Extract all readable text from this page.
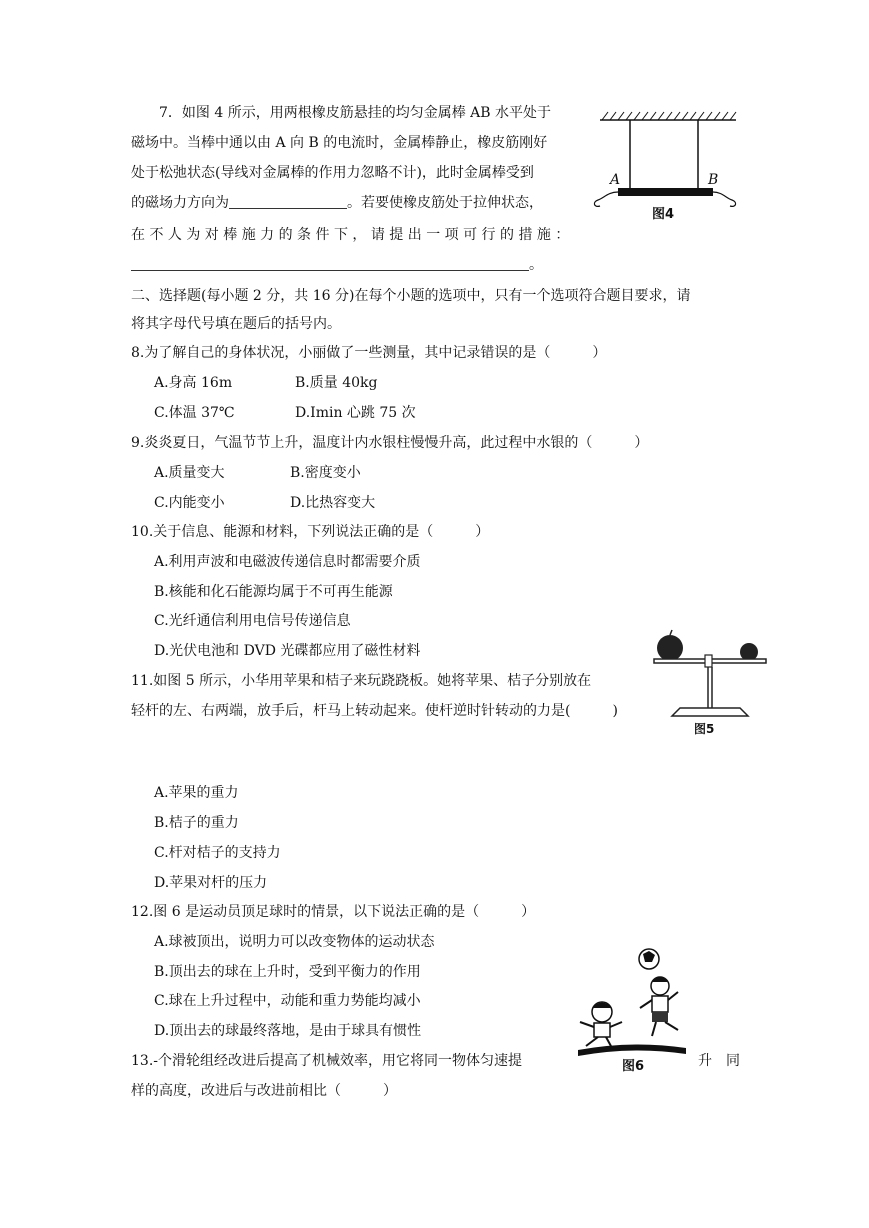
7．如图 4 所示，用两根橡皮筋悬挂的均匀金属棒 AB 水平处于
磁场中。当棒中通以由 A 向 B 的电流时，金属棒静止，橡皮筋刚好
处于松弛状态(导线对金属棒的作用力忽略不计)，此时金属棒受到
的磁场力方向为	。若要使橡皮筋处于拉伸状态，
在 不 人 为 对 棒 施 力 的 条 件 下 ， 请 提 出 一 项 可 行 的 措 施 ：
。
A	B
图4
二、选择题(每小题 2 分，共 16 分)在每个小题的选项中，只有一个选项符合题目要求，请
将其字母代号填在题后的括号内。
8.为了解自己的身体状况，小丽做了一些测量，其中记录错误的是（　　　）
A.身高 16m	B.质量 40kg
C.体温 37℃	D.Imin 心跳 75 次
9.炎炎夏日，气温节节上升，温度计内水银柱慢慢升高，此过程中水银的（　　　）
A.质量变大	B.密度变小
C.内能变小	D.比热容变大
10.关于信息、能源和材料，下列说法正确的是（　　　）
A.利用声波和电磁波传递信息时都需要介质
B.核能和化石能源均属于不可再生能源
C.光纤通信利用电信号传递信息
D.光伏电池和 DVD 光碟都应用了磁性材料
11.如图 5 所示，小华用苹果和桔子来玩跷跷板。她将苹果、桔子分别放在
轻杆的左、右两端，放手后，杆马上转动起来。使杆逆时针转动的力是(　　　)
A.苹果的重力
B.桔子的重力
C.杆对桔子的支持力
D.苹果对杆的压力
图5
12.图 6 是运动员顶足球时的情景，以下说法正确的是（　　　）
A.球被顶出，说明力可以改变物体的运动状态
B.顶出去的球在上升时，受到平衡力的作用
C.球在上升过程中，动能和重力势能均减小
D.顶出去的球最终落地，是由于球具有惯性
图6
13.-个滑轮组经改进后提高了机械效率，用它将同一物体匀速提	升　同
样的高度，改进后与改进前相比（　　　）
